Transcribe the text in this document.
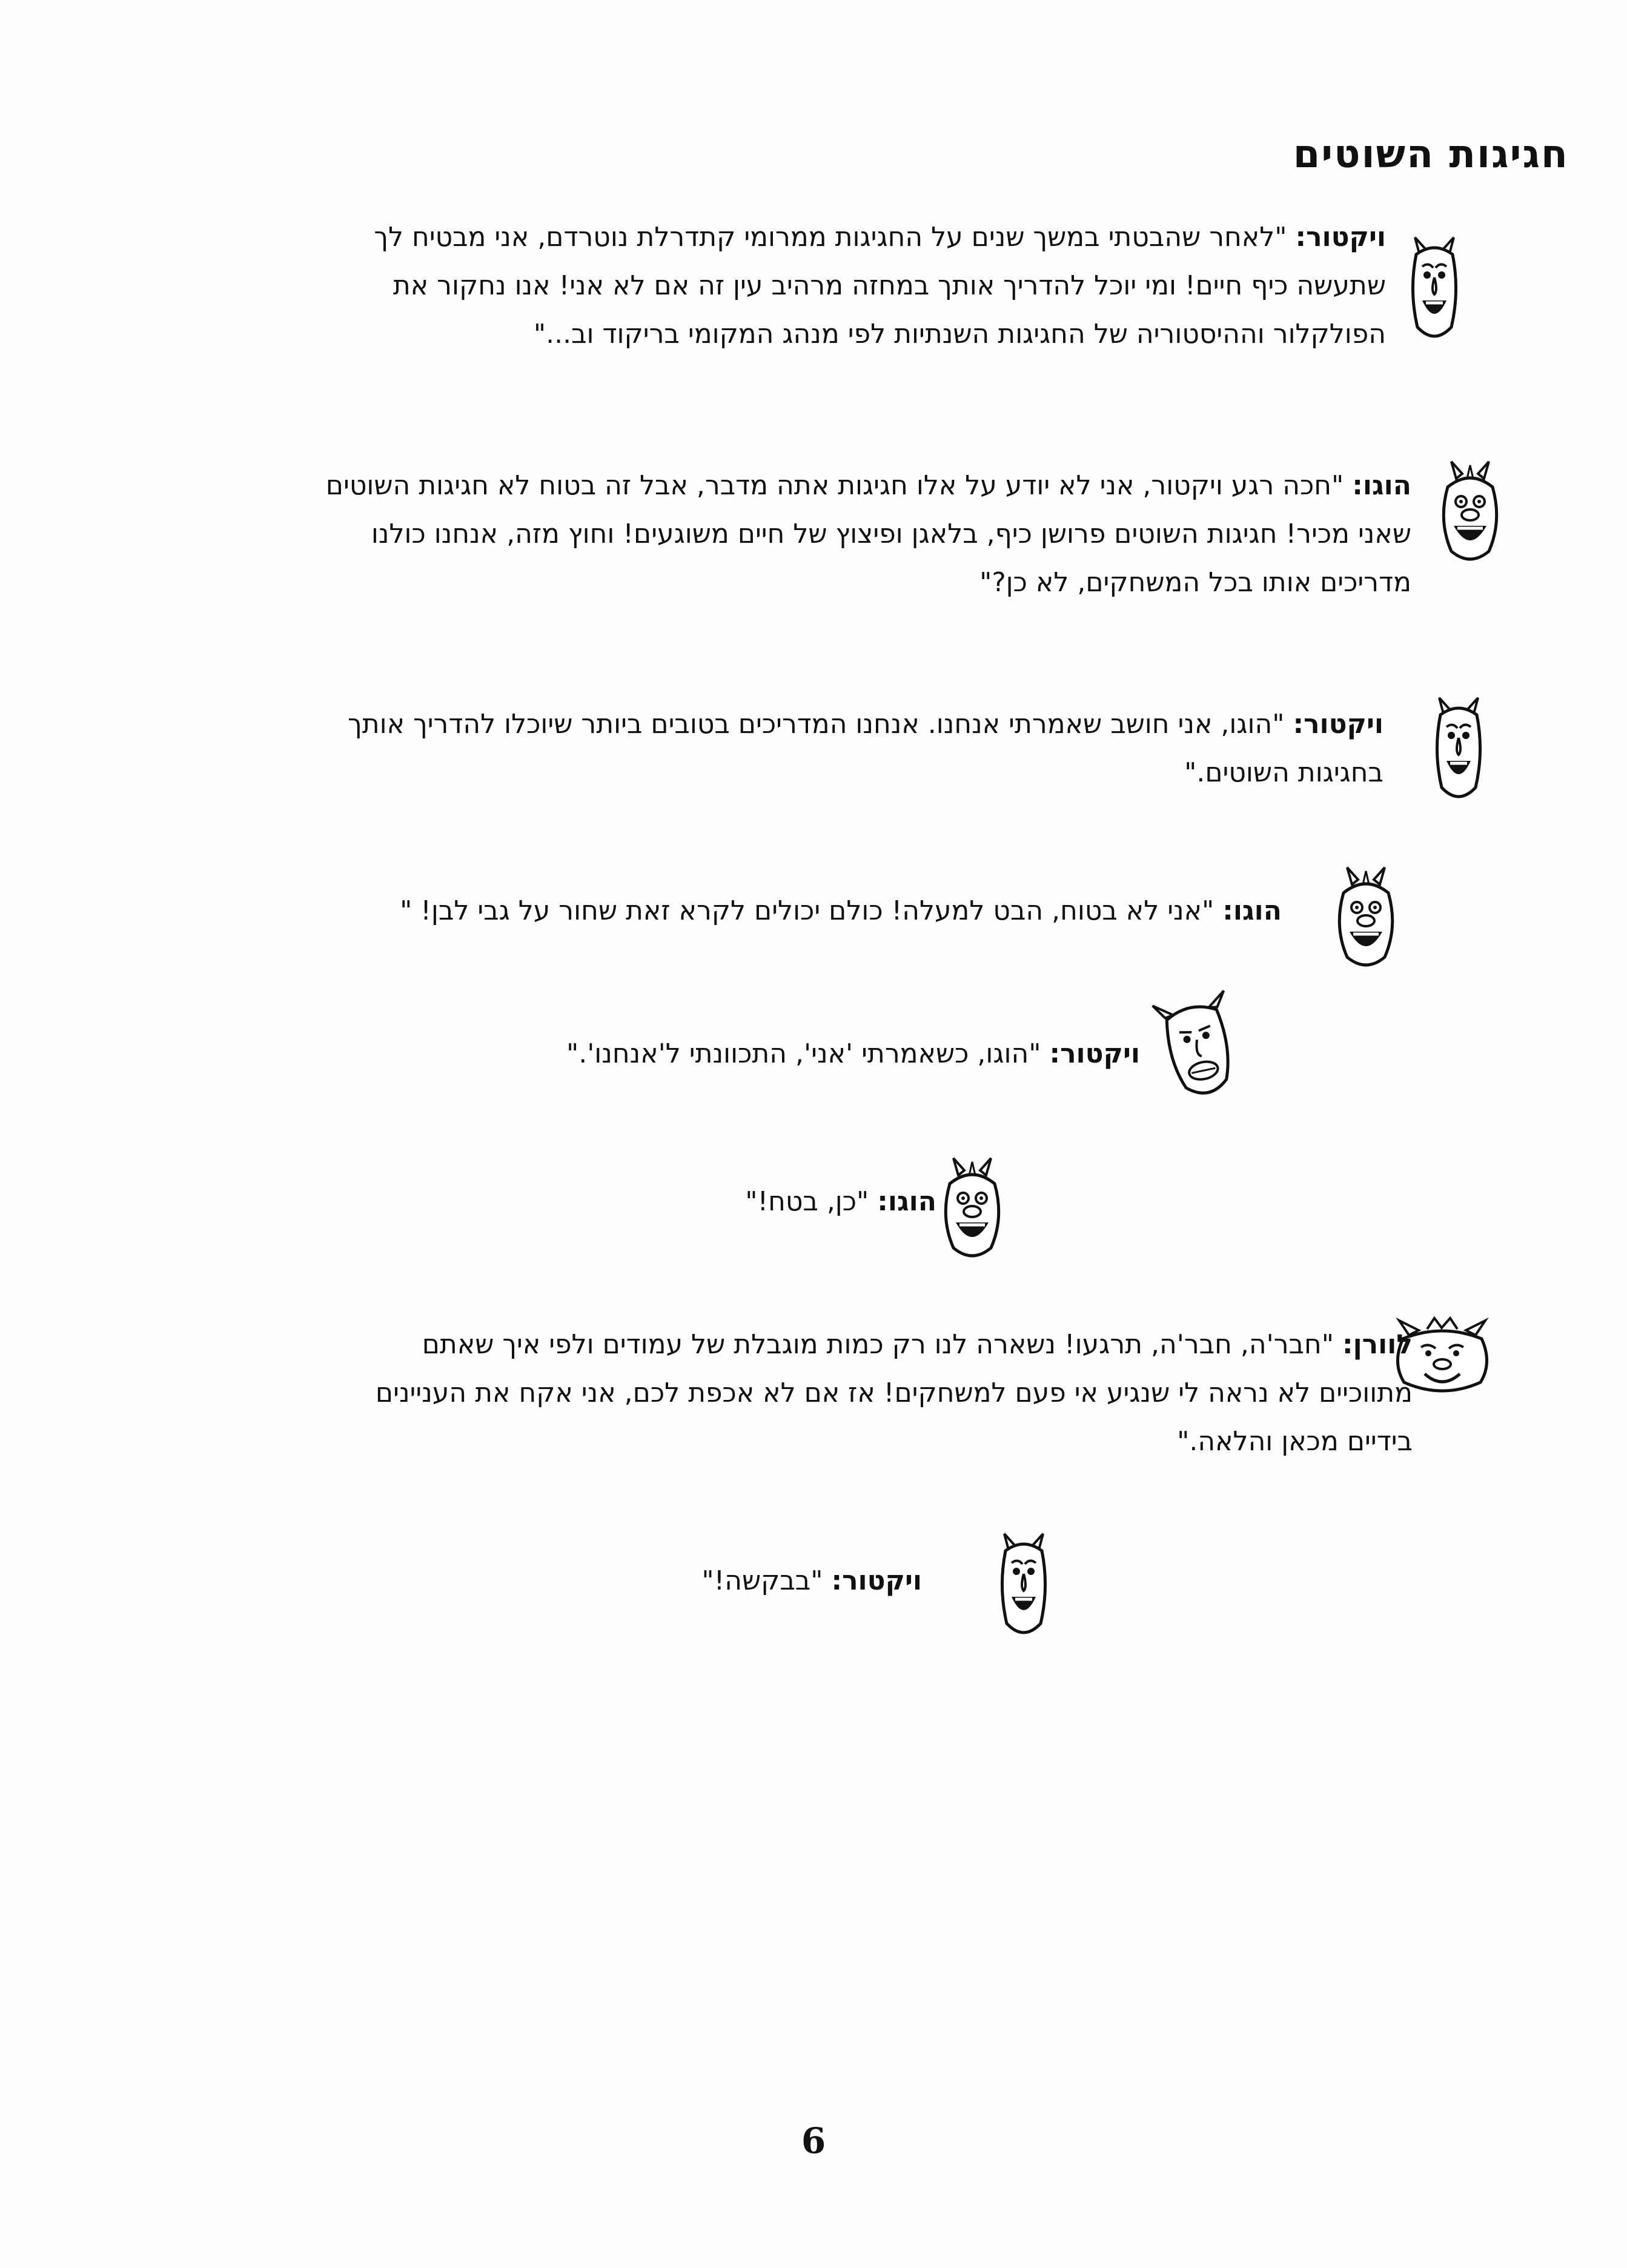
חגיגות השוטים
ויקטור: "לאחר שהבטתי במשך שנים על החגיגות ממרומי קתדרלת נוטרדם, אני מבטיח לך
שתעשה כיף חיים! ומי יוכל להדריך אותך במחזה מרהיב עין זה אם לא אני! אנו נחקור את
הפולקלור וההיסטוריה של החגיגות השנתיות לפי מנהג המקומי בריקוד וב..."
הוגו: "חכה רגע ויקטור, אני לא יודע על אלו חגיגות אתה מדבר, אבל זה בטוח לא חגיגות השוטים
שאני מכיר! חגיגות השוטים פרושן כיף, בלאגן ופיצוץ של חיים משוגעים! וחוץ מזה, אנחנו כולנו
מדריכים אותו בכל המשחקים, לא כן?"
ויקטור: "הוגו, אני חושב שאמרתי אנחנו. אנחנו המדריכים בטובים ביותר שיוכלו להדריך אותך
בחגיגות השוטים."
הוגו: "אני לא בטוח, הבט למעלה! כולם יכולים לקרא זאת שחור על גבי לבן! "
ויקטור: "הוגו, כשאמרתי 'אני', התכוונתי ל'אנחנו'."
הוגו: "כן, בטח!"
לוורן: "חבר'ה, חבר'ה, תרגעו! נשארה לנו רק כמות מוגבלת של עמודים ולפי איך שאתם
מתווכיים לא נראה לי שנגיע אי פעם למשחקים! אז אם לא אכפת לכם, אני אקח את העניינים
בידיים מכאן והלאה."
ויקטור: "בבקשה!"
6
